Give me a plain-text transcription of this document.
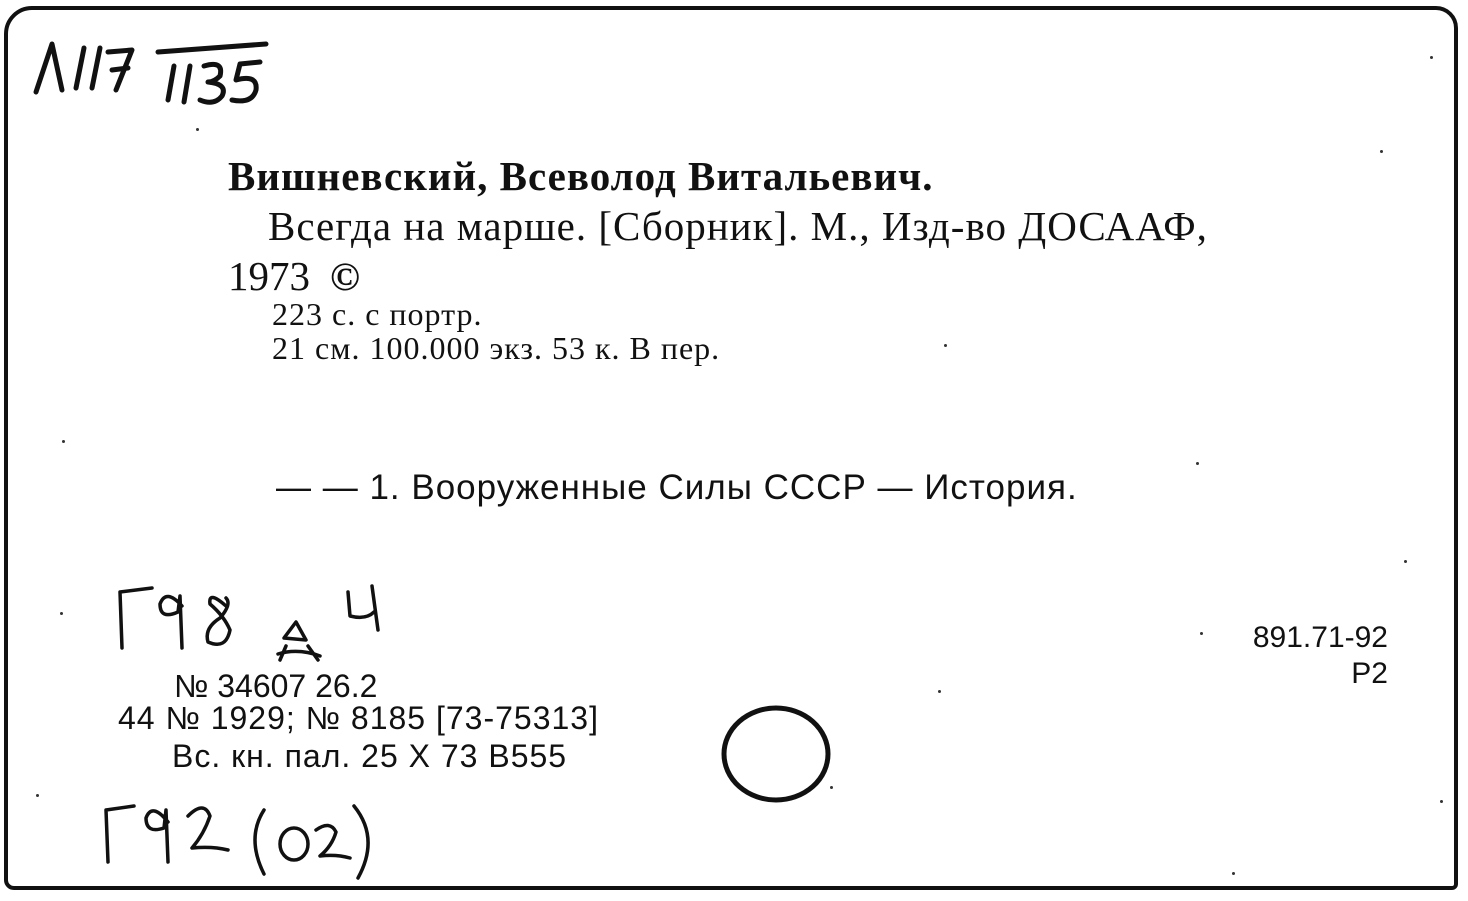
Вишневский, Всеволод Витальевич.
Всегда на марше. [Сборник]. М., Изд-во ДОСААФ,
1973 ©
223 с. с портр.
21 см. 100.000 экз. 53 к. В пер.
— — 1. Вооруженные Силы СССР — История.
№ 34607 26.2
44 № 1929; № 8185 [73-75313]
Вс. кн. пал. 25 X 73 В555
891.71-92
Р2
